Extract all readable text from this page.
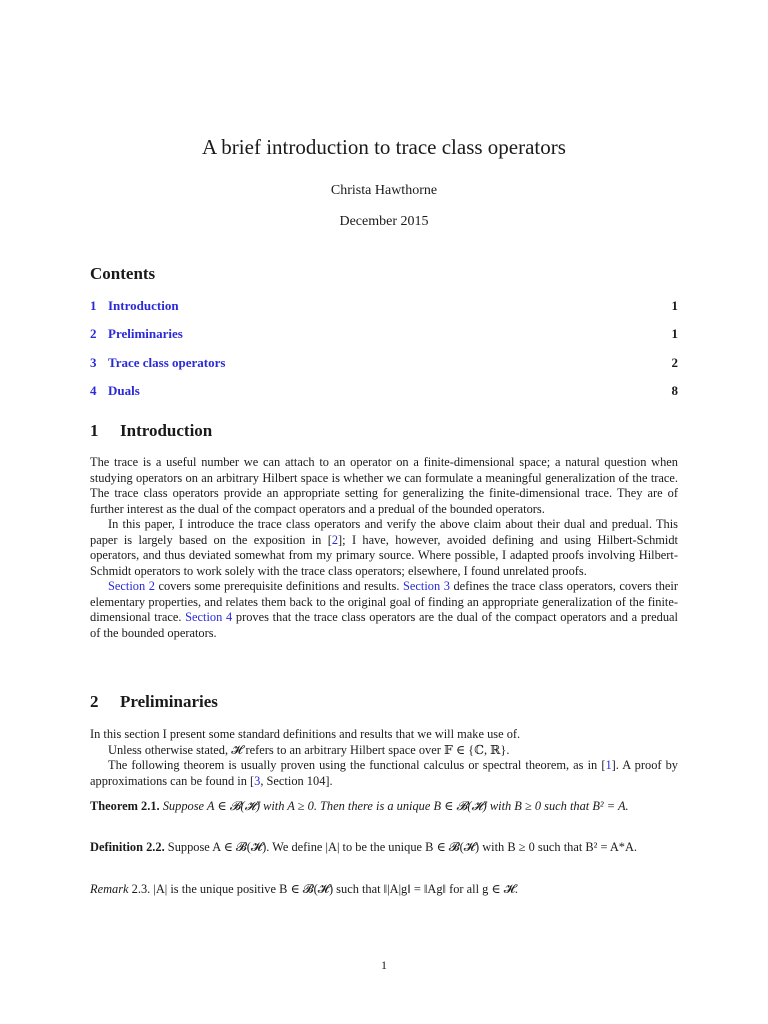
A brief introduction to trace class operators
Christa Hawthorne
December 2015
Contents
1 Introduction	1
2 Preliminaries	1
3 Trace class operators	2
4 Duals	8
1 Introduction

The trace is a useful number we can attach to an operator on a finite-dimensional space; a natural question when studying operators on an arbitrary Hilbert space is whether we can formulate a meaningful generalization of the trace. The trace class operators provide an appropriate setting for generalizing the finite-dimensional trace. They are of further interest as the dual of the compact operators and a predual of the bounded operators.

In this paper, I introduce the trace class operators and verify the above claim about their dual and predual. This paper is largely based on the exposition in [2]; I have, however, avoided defining and using Hilbert-Schmidt operators, and thus deviated somewhat from my primary source. Where possible, I adapted proofs involving Hilbert-Schmidt operators to work solely with the trace class operators; elsewhere, I found unrelated proofs.

Section 2 covers some prerequisite definitions and results. Section 3 defines the trace class operators, covers their elementary properties, and relates them back to the original goal of finding an appropriate generalization of the finite-dimensional trace. Section 4 proves that the trace class operators are the dual of the compact operators and a predual of the bounded operators.

2 Preliminaries

In this section I present some standard definitions and results that we will make use of.

Unless otherwise stated, 𝓗 refers to an arbitrary Hilbert space over 𝔽 ∈ {ℂ, ℝ}.

The following theorem is usually proven using the functional calculus or spectral theorem, as in [1]. A proof by approximations can be found in [3, Section 104].

Theorem 2.1. Suppose A ∈ 𝓑(𝓗) with A ≥ 0. Then there is a unique B ∈ 𝓑(𝓗) with B ≥ 0 such that B² = A.

Definition 2.2. Suppose A ∈ 𝓑(𝓗). We define |A| to be the unique B ∈ 𝓑(𝓗) with B ≥ 0 such that B² = A*A.

Remark 2.3. |A| is the unique positive B ∈ 𝓑(𝓗) such that ‖|A|g‖ = ‖Ag‖ for all g ∈ 𝓗.

1
